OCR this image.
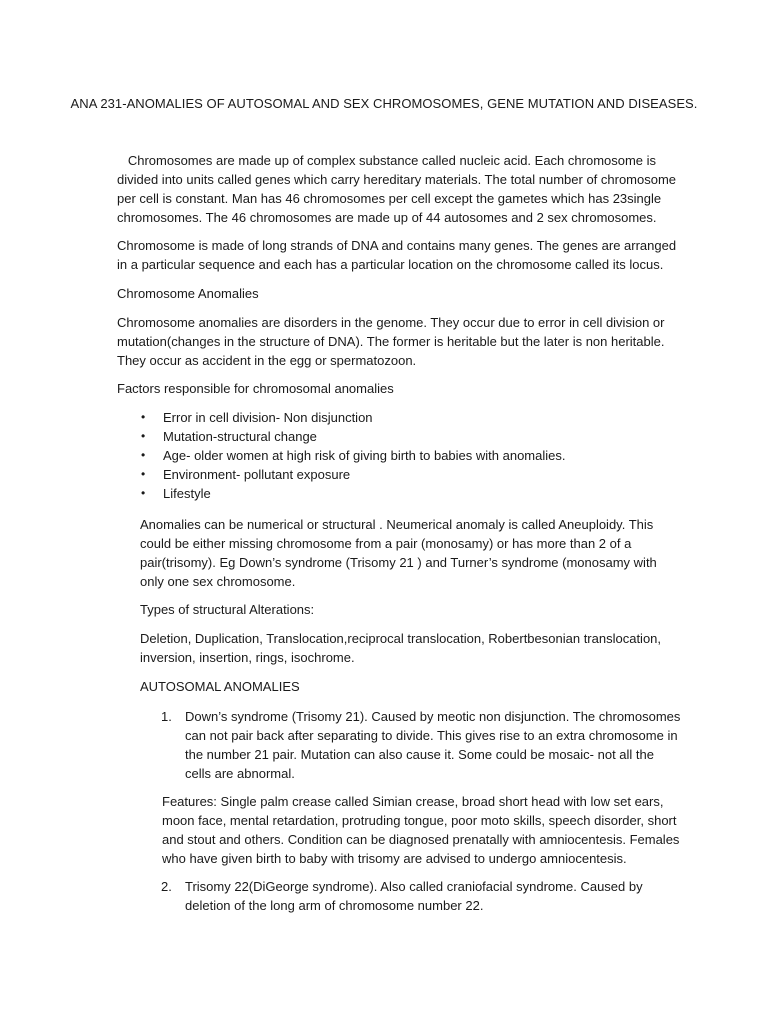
ANA 231-ANOMALIES OF AUTOSOMAL AND SEX CHROMOSOMES, GENE MUTATION AND DISEASES.

Chromosomes are made up of complex substance called nucleic acid. Each chromosome is divided into units called genes which carry hereditary materials. The total number of chromosome per cell is constant. Man has 46 chromosomes per cell except the gametes which has 23single chromosomes. The 46 chromosomes are made up of 44 autosomes and 2 sex chromosomes.

Chromosome is made of long strands of DNA and contains many genes. The genes are arranged in a particular sequence and each has a particular location on the chromosome called its locus.

Chromosome Anomalies

Chromosome anomalies are disorders in the genome. They occur due to error in cell division or mutation(changes in the structure of DNA). The former is heritable but the later is non heritable. They occur as accident in the egg or spermatozoon.

Factors responsible for chromosomal anomalies

• Error in cell division- Non disjunction
• Mutation-structural change
• Age- older women at high risk of giving birth to babies with anomalies.
• Environment- pollutant exposure
• Lifestyle

Anomalies can be numerical or structural . Neumerical anomaly is called Aneuploidy. This could be either missing chromosome from a pair (monosamy) or has more than 2 of a pair(trisomy). Eg Down’s syndrome (Trisomy 21 ) and Turner’s syndrome (monosamy with only one sex chromosome.

Types of structural Alterations:

Deletion, Duplication, Translocation,reciprocal translocation, Robertbesonian translocation, inversion, insertion, rings, isochrome.

AUTOSOMAL ANOMALIES

1. Down’s syndrome (Trisomy 21). Caused by meotic non disjunction. The chromosomes can not pair back after separating to divide. This gives rise to an extra chromosome in the number 21 pair. Mutation can also cause it. Some could be mosaic- not all the cells are abnormal.

Features: Single palm crease called Simian crease, broad short head with low set ears, moon face, mental retardation, protruding tongue, poor moto skills, speech disorder, short and stout and others. Condition can be diagnosed prenatally with amniocentesis. Females who have given birth to baby with trisomy are advised to undergo amniocentesis.

2. Trisomy 22(DiGeorge syndrome). Also called craniofacial syndrome. Caused by deletion of the long arm of chromosome number 22.
